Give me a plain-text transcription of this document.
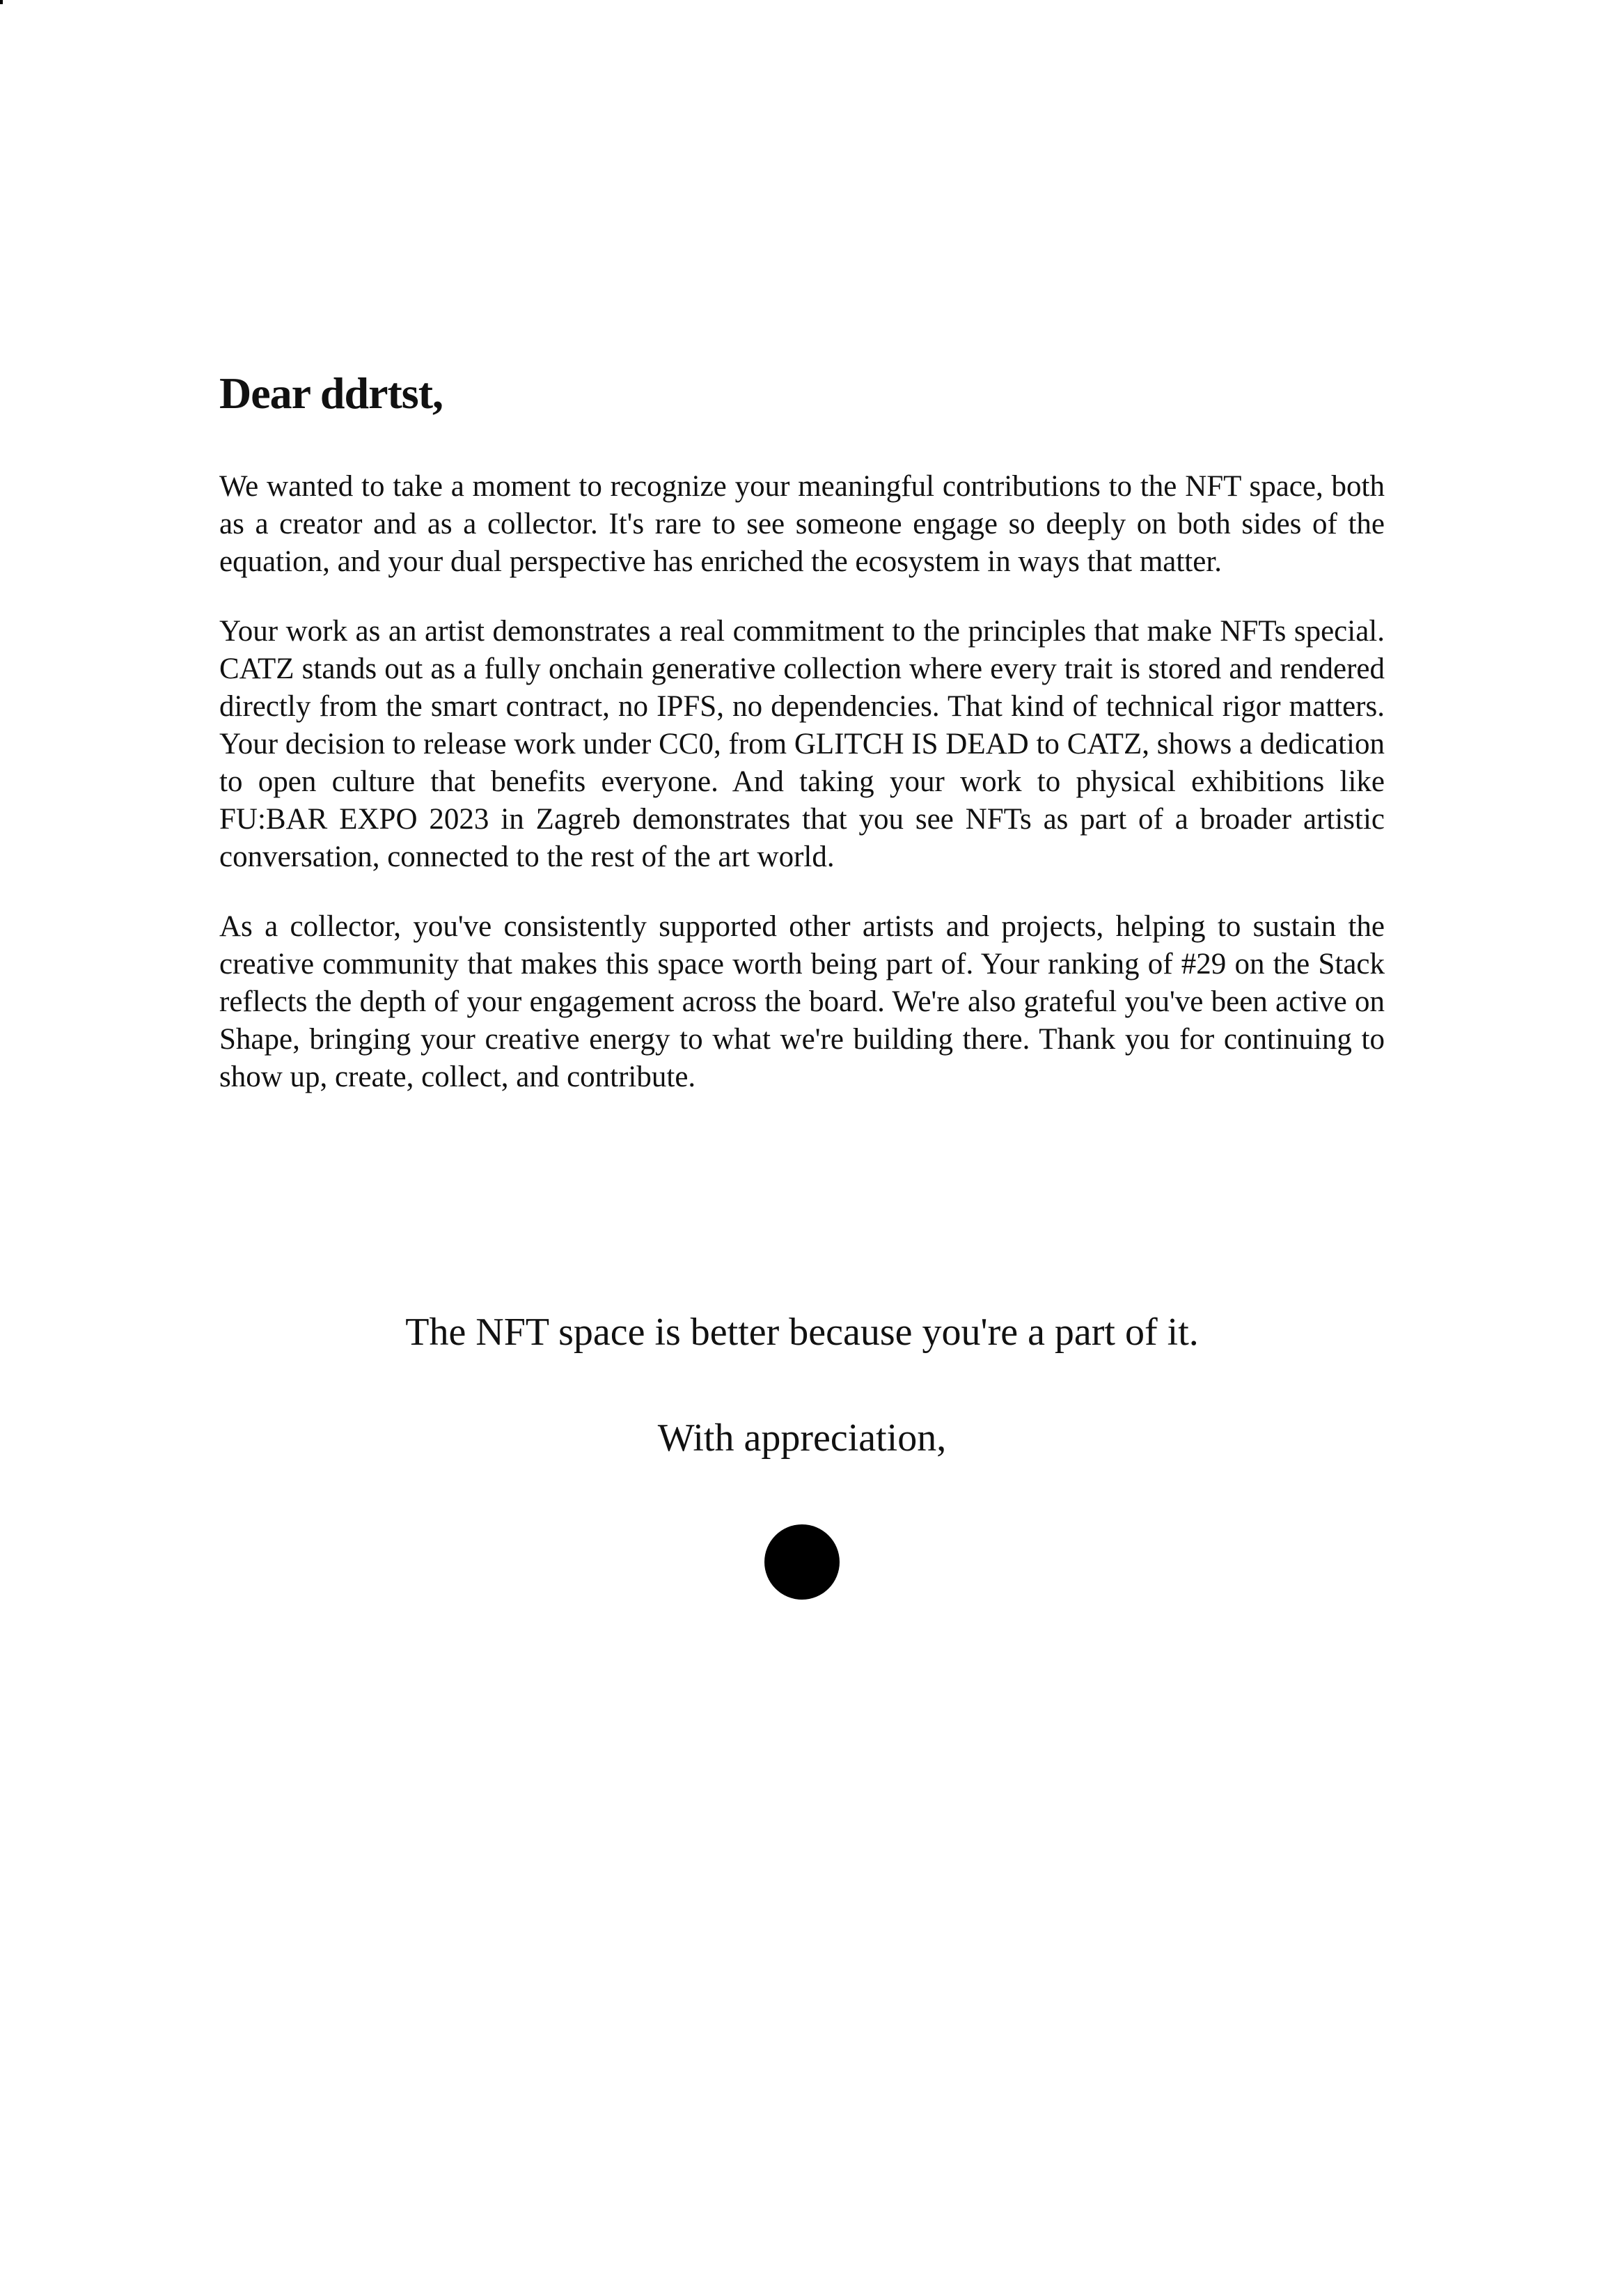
Dear ddrtst,

We wanted to take a moment to recognize your meaningful contributions to the NFT space, both as a creator and as a collector. It's rare to see someone engage so deeply on both sides of the equation, and your dual perspective has enriched the ecosystem in ways that matter.

Your work as an artist demonstrates a real commitment to the principles that make NFTs special. CATZ stands out as a fully onchain generative collection where every trait is stored and rendered directly from the smart contract, no IPFS, no dependencies. That kind of technical rigor matters. Your decision to release work under CC0, from GLITCH IS DEAD to CATZ, shows a dedication to open culture that benefits everyone. And taking your work to physical exhibitions like FU:BAR EXPO 2023 in Zagreb demonstrates that you see NFTs as part of a broader artistic conversation, connected to the rest of the art world.

As a collector, you've consistently supported other artists and projects, helping to sustain the creative community that makes this space worth being part of. Your ranking of #29 on the Stack reflects the depth of your engagement across the board. We're also grateful you've been active on Shape, bringing your creative energy to what we're building there. Thank you for continuing to show up, create, collect, and contribute.

The NFT space is better because you're a part of it.
With appreciation,
